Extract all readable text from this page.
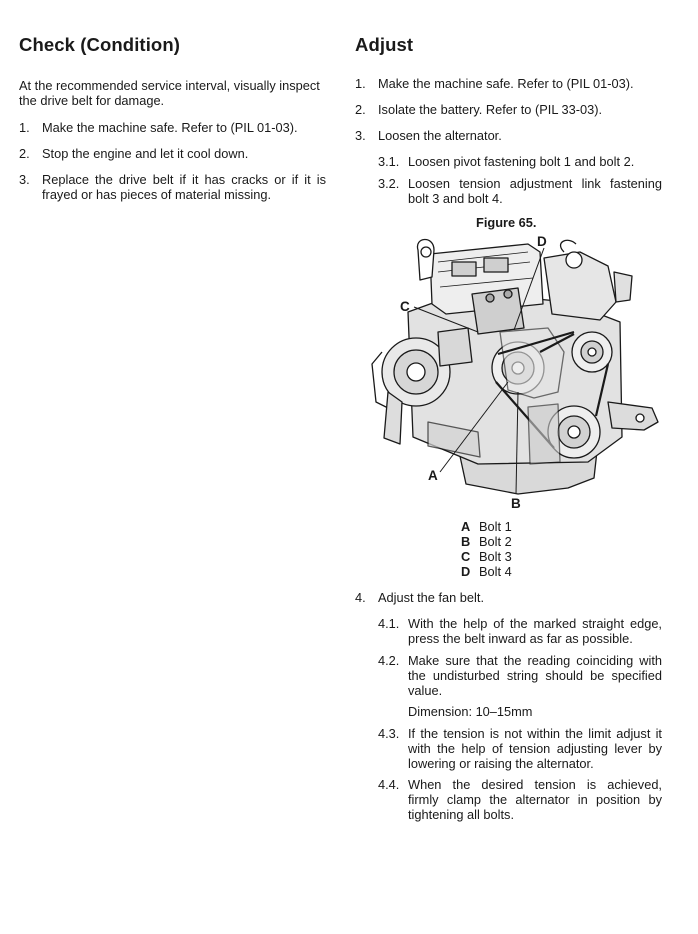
Check (Condition)
At the recommended service interval, visually inspect
the drive belt for damage.
1. Make the machine safe. Refer to (PIL 01-03).
2. Stop the engine and let it cool down.
3. Replace the drive belt if it has cracks or if it is
frayed or has pieces of material missing.
Adjust
1. Make the machine safe. Refer to (PIL 01-03).
2. Isolate the battery. Refer to (PIL 33-03).
3. Loosen the alternator.
3.1. Loosen pivot fastening bolt 1 and bolt 2.
3.2. Loosen tension adjustment link fastening
bolt 3 and bolt 4.
Figure 65.
D
C
A
B
A Bolt 1
B Bolt 2
C Bolt 3
D Bolt 4
4. Adjust the fan belt.
4.1. With the help of the marked straight edge,
press the belt inward as far as possible.
4.2. Make sure that the reading coinciding with
the undisturbed string should be specified
value.
Dimension: 10–15mm
4.3. If the tension is not within the limit adjust it
with the help of tension adjusting lever by
lowering or raising the alternator.
4.4. When the desired tension is achieved,
firmly clamp the alternator in position by
tightening all bolts.
